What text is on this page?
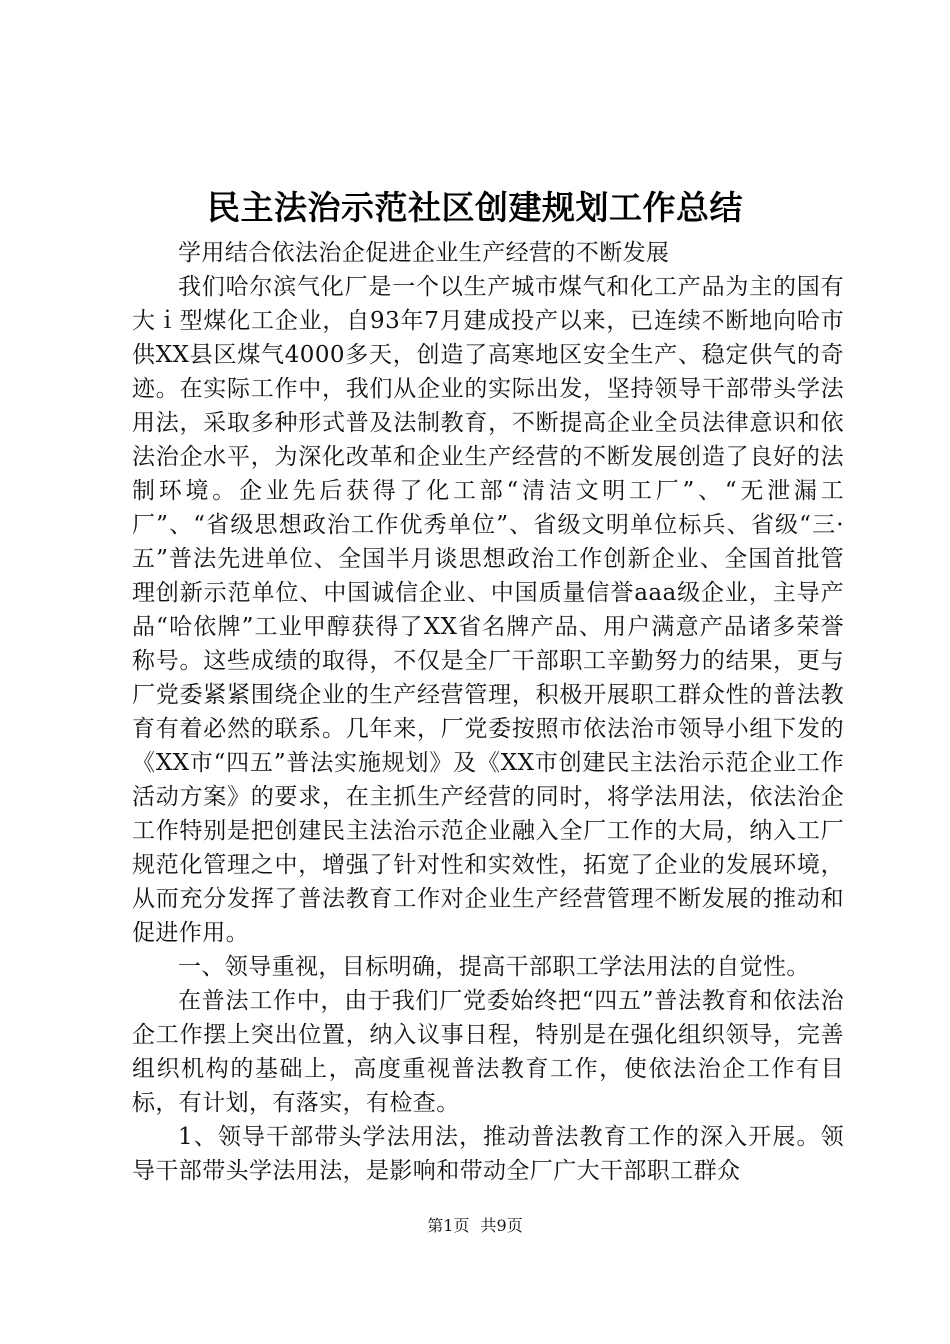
民主法治示范社区创建规划工作总结

学用结合依法治企促进企业生产经营的不断发展

我们哈尔滨气化厂是一个以生产城市煤气和化工产品为主的国有大ｉ型煤化工企业，自93年7月建成投产以来，已连续不断地向哈市供XX县区煤气4000多天，创造了高寒地区安全生产、稳定供气的奇迹。在实际工作中，我们从企业的实际出发，坚持领导干部带头学法用法，采取多种形式普及法制教育，不断提高企业全员法律意识和依法治企水平，为深化改革和企业生产经营的不断发展创造了良好的法制环境。企业先后获得了化工部“清洁文明工厂”、“无泄漏工厂”、“省级思想政治工作优秀单位”、省级文明单位标兵、省级“三·五”普法先进单位、全国半月谈思想政治工作创新企业、全国首批管理创新示范单位、中国诚信企业、中国质量信誉aaa级企业，主导产品“哈依牌”工业甲醇获得了XX省名牌产品、用户满意产品诸多荣誉称号。这些成绩的取得，不仅是全厂干部职工辛勤努力的结果，更与厂党委紧紧围绕企业的生产经营管理，积极开展职工群众性的普法教育有着必然的联系。几年来，厂党委按照市依法治市领导小组下发的《XX市“四五”普法实施规划》及《XX市创建民主法治示范企业工作活动方案》的要求，在主抓生产经营的同时，将学法用法，依法治企工作特别是把创建民主法治示范企业融入全厂工作的大局，纳入工厂规范化管理之中，增强了针对性和实效性，拓宽了企业的发展环境，从而充分发挥了普法教育工作对企业生产经营管理不断发展的推动和促进作用。

一、领导重视，目标明确，提高干部职工学法用法的自觉性。

在普法工作中，由于我们厂党委始终把“四五”普法教育和依法治企工作摆上突出位置，纳入议事日程，特别是在强化组织领导，完善组织机构的基础上，高度重视普法教育工作，使依法治企工作有目标，有计划，有落实，有检查。

1、领导干部带头学法用法，推动普法教育工作的深入开展。领导干部带头学法用法，是影响和带动全厂广大干部职工群众

第1页 共9页
